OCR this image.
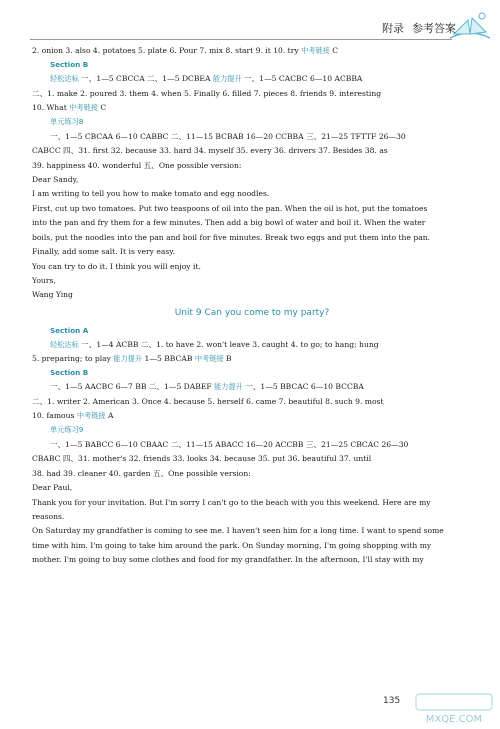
附录 参考答案
2. onion 3. also 4. potatoes 5. plate 6. Pour 7. mix 8. start 9. it 10. try 中考链接 C
Section B
轻松达标 一、1—5 CBCCA 二、1—5 DCBEA 能力提升 一、1—5 CACBC 6—10 ACBBA
二、1. make 2. poured 3. them 4. when 5. Finally 6. filled 7. pieces 8. friends 9. interesting
10. What 中考链接 C
单元练习8
一、1—5 CBCAA 6—10 CABBC 二、11—15 BCBAB 16—20 CCBBA 三、21—25 TFTTF 26—30
CABCC 四、31. first 32. because 33. hard 34. myself 35. every 36. drivers 37. Besides 38. as
39. happiness 40. wonderful 五、One possible version:
Dear Sandy,
I am writing to tell you how to make tomato and egg noodles.
First, cut up two tomatoes. Put two teaspoons of oil into the pan. When the oil is hot, put the tomatoes
into the pan and fry them for a few minutes. Then add a big bowl of water and boil it. When the water
boils, put the noodles into the pan and boil for five minutes. Break two eggs and put them into the pan.
Finally, add some salt. It is very easy.
You can try to do it. I think you will enjoy it.
Yours,
Wang Ying
Unit 9 Can you come to my party?
Section A
轻松达标 一、1—4 ACBB 二、1. to have 2. won't leave 3. caught 4. to go; to hang; hung
5. preparing; to play 能力提升 1—5 BBCAB 中考链接 B
Section B
一、1—5 AACBC 6—7 BB 二、1—5 DABEF 能力提升 一、1—5 BBCAC 6—10 BCCBA
二、1. writer 2. American 3. Once 4. because 5. herself 6. came 7. beautiful 8. such 9. most
10. famous 中考链接 A
单元练习9
一、1—5 BABCC 6—10 CBAAC 二、11—15 ABACC 16—20 ACCBB 三、21—25 CBCAC 26—30
CBABC 四、31. mother's 32. friends 33. looks 34. because 35. put 36. beautiful 37. until
38. had 39. cleaner 40. garden 五、One possible version:
Dear Paul,
Thank you for your invitation. But I'm sorry I can't go to the beach with you this weekend. Here are my
reasons.
On Saturday my grandfather is coming to see me. I haven't seen him for a long time. I want to spend some
time with him. I'm going to take him around the park. On Sunday morning, I'm going shopping with my
mother. I'm going to buy some clothes and food for my grandfather. In the afternoon, I'll stay with my
135
MXQE.COM
